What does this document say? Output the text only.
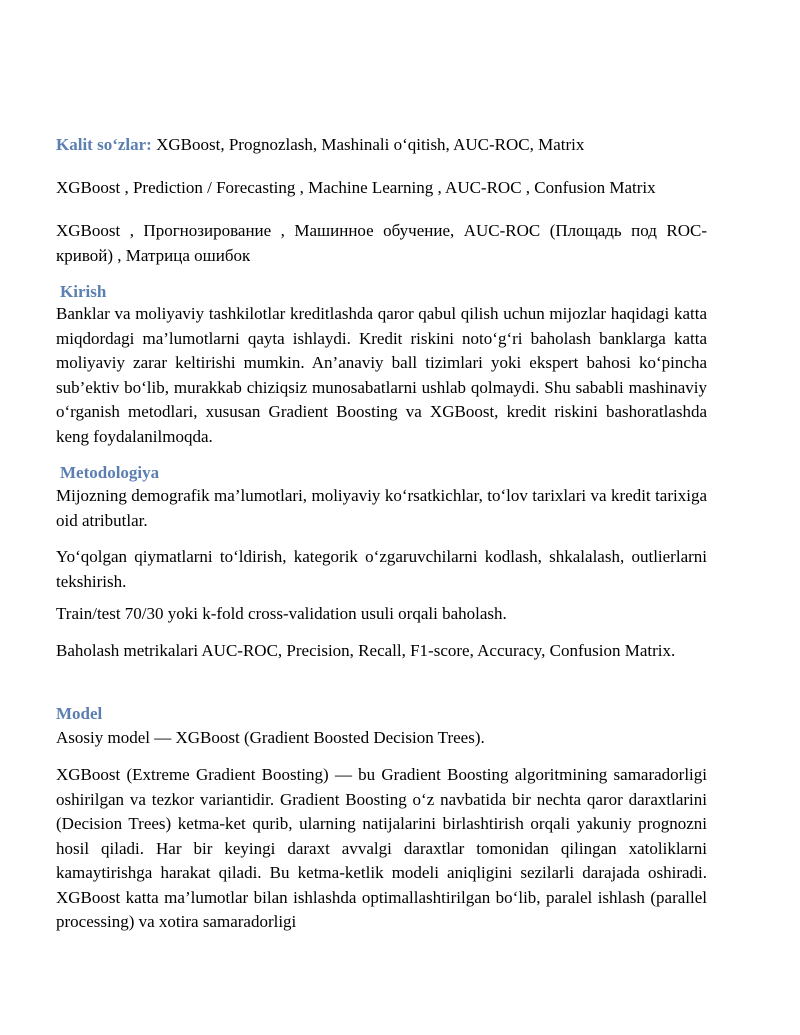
Kalit so‘zlar: XGBoost, Prognozlash, Mashinali o‘qitish, AUC-ROC, Matrix

XGBoost , Prediction / Forecasting , Machine Learning , AUC-ROC , Confusion Matrix

XGBoost , Прогнозирование , Машинное обучение, AUC-ROC (Площадь под ROC-кривой) , Матрица ошибок

Kirish

Banklar va moliyaviy tashkilotlar kreditlashda qaror qabul qilish uchun mijozlar haqidagi katta miqdordagi ma’lumotlarni qayta ishlaydi. Kredit riskini noto‘g‘ri baholash banklarga katta moliyaviy zarar keltirishi mumkin. An’anaviy ball tizimlari yoki ekspert bahosi ko‘pincha sub’ektiv bo‘lib, murakkab chiziqsiz munosabatlarni ushlab qolmaydi. Shu sababli mashinaviy o‘rganish metodlari, xususan Gradient Boosting va XGBoost, kredit riskini bashoratlashda keng foydalanilmoqda.

Metodologiya

Mijozning demografik ma’lumotlari, moliyaviy ko‘rsatkichlar, to‘lov tarixlari va kredit tarixiga oid atributlar.

Yo‘qolgan qiymatlarni to‘ldirish, kategorik o‘zgaruvchilarni kodlash, shkalalash, outlierlarni tekshirish.

Train/test 70/30 yoki k-fold cross-validation usuli orqali baholash.

Baholash metrikalari AUC-ROC, Precision, Recall, F1-score, Accuracy, Confusion Matrix.

Model

Asosiy model — XGBoost (Gradient Boosted Decision Trees).

XGBoost (Extreme Gradient Boosting) — bu Gradient Boosting algoritmining samaradorligi oshirilgan va tezkor variantidir. Gradient Boosting o‘z navbatida bir nechta qaror daraxtlarini (Decision Trees) ketma-ket qurib, ularning natijalarini birlashtirish orqali yakuniy prognozni hosil qiladi. Har bir keyingi daraxt avvalgi daraxtlar tomonidan qilingan xatoliklarni kamaytirishga harakat qiladi. Bu ketma-ketlik modeli aniqligini sezilarli darajada oshiradi. XGBoost katta ma’lumotlar bilan ishlashda optimallashtirilgan bo‘lib, paralel ishlash (parallel processing) va xotira samaradorligi
